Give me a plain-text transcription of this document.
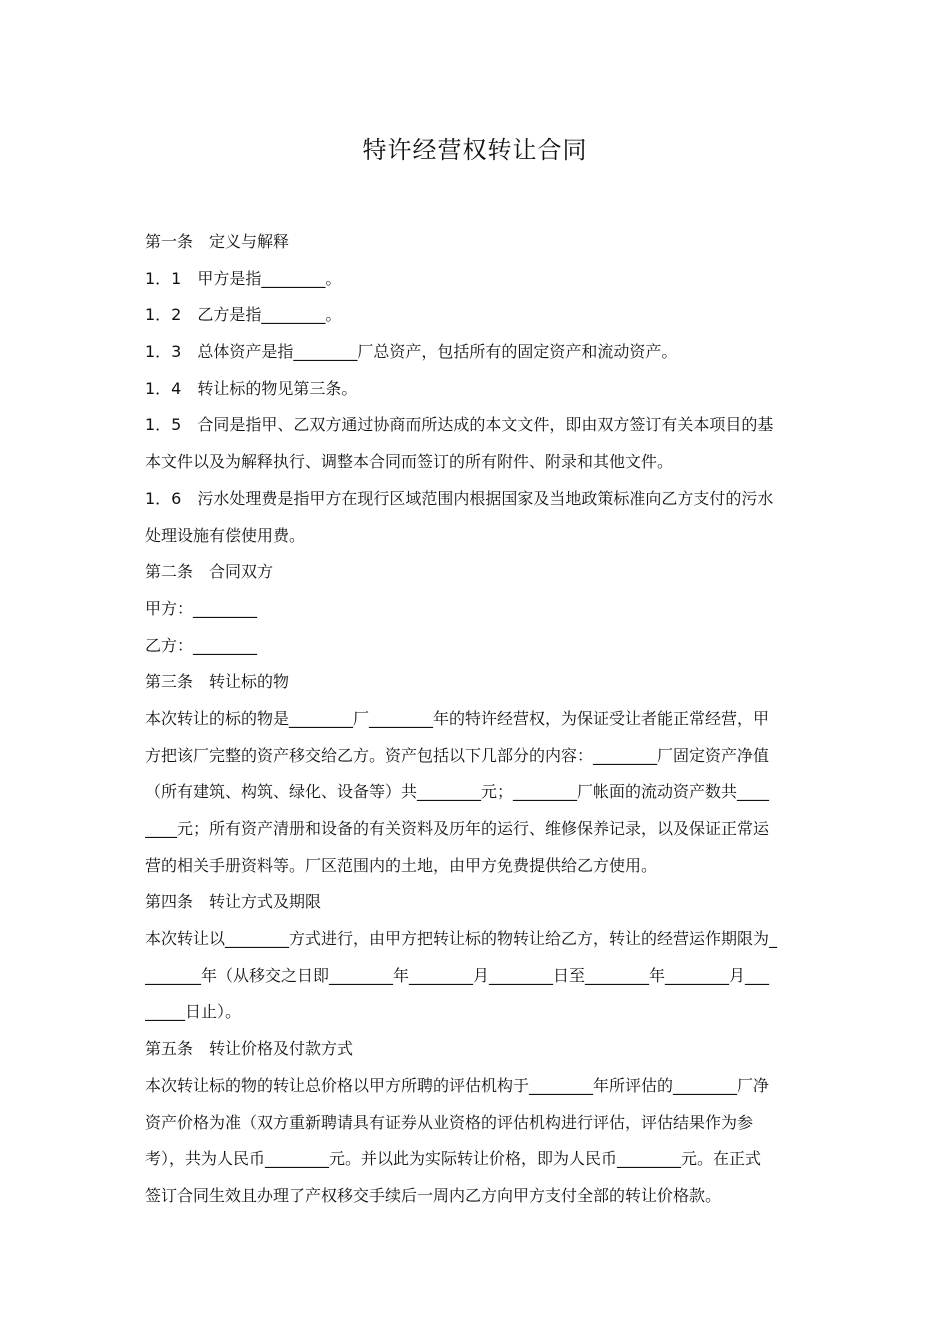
特许经营权转让合同
第一条　定义与解释
1．1　甲方是指________。
1．2　乙方是指________。
1．3　总体资产是指________厂总资产，包括所有的固定资产和流动资产。
1．4　转让标的物见第三条。
1．5　合同是指甲、乙双方通过协商而所达成的本文文件，即由双方签订有关本项目的基
本文件以及为解释执行、调整本合同而签订的所有附件、附录和其他文件。
1．6　污水处理费是指甲方在现行区域范围内根据国家及当地政策标准向乙方支付的污水
处理设施有偿使用费。
第二条　合同双方
甲方：________
乙方：________
第三条　转让标的物
本次转让的标的物是________厂________年的特许经营权，为保证受让者能正常经营，甲
方把该厂完整的资产移交给乙方。资产包括以下几部分的内容：________厂固定资产净值
（所有建筑、构筑、绿化、设备等）共________元；________厂帐面的流动资产数共____
____元；所有资产清册和设备的有关资料及历年的运行、维修保养记录，以及保证正常运
营的相关手册资料等。厂区范围内的土地，由甲方免费提供给乙方使用。
第四条　转让方式及期限
本次转让以________方式进行，由甲方把转让标的物转让给乙方，转让的经营运作期限为_
_______年（从移交之日即________年________月________日至________年________月___
_____日止）。
第五条　转让价格及付款方式
本次转让标的物的转让总价格以甲方所聘的评估机构于________年所评估的________厂净
资产价格为准（双方重新聘请具有证券从业资格的评估机构进行评估，评估结果作为参
考），共为人民币________元。并以此为实际转让价格，即为人民币________元。在正式
签订合同生效且办理了产权移交手续后一周内乙方向甲方支付全部的转让价格款。
